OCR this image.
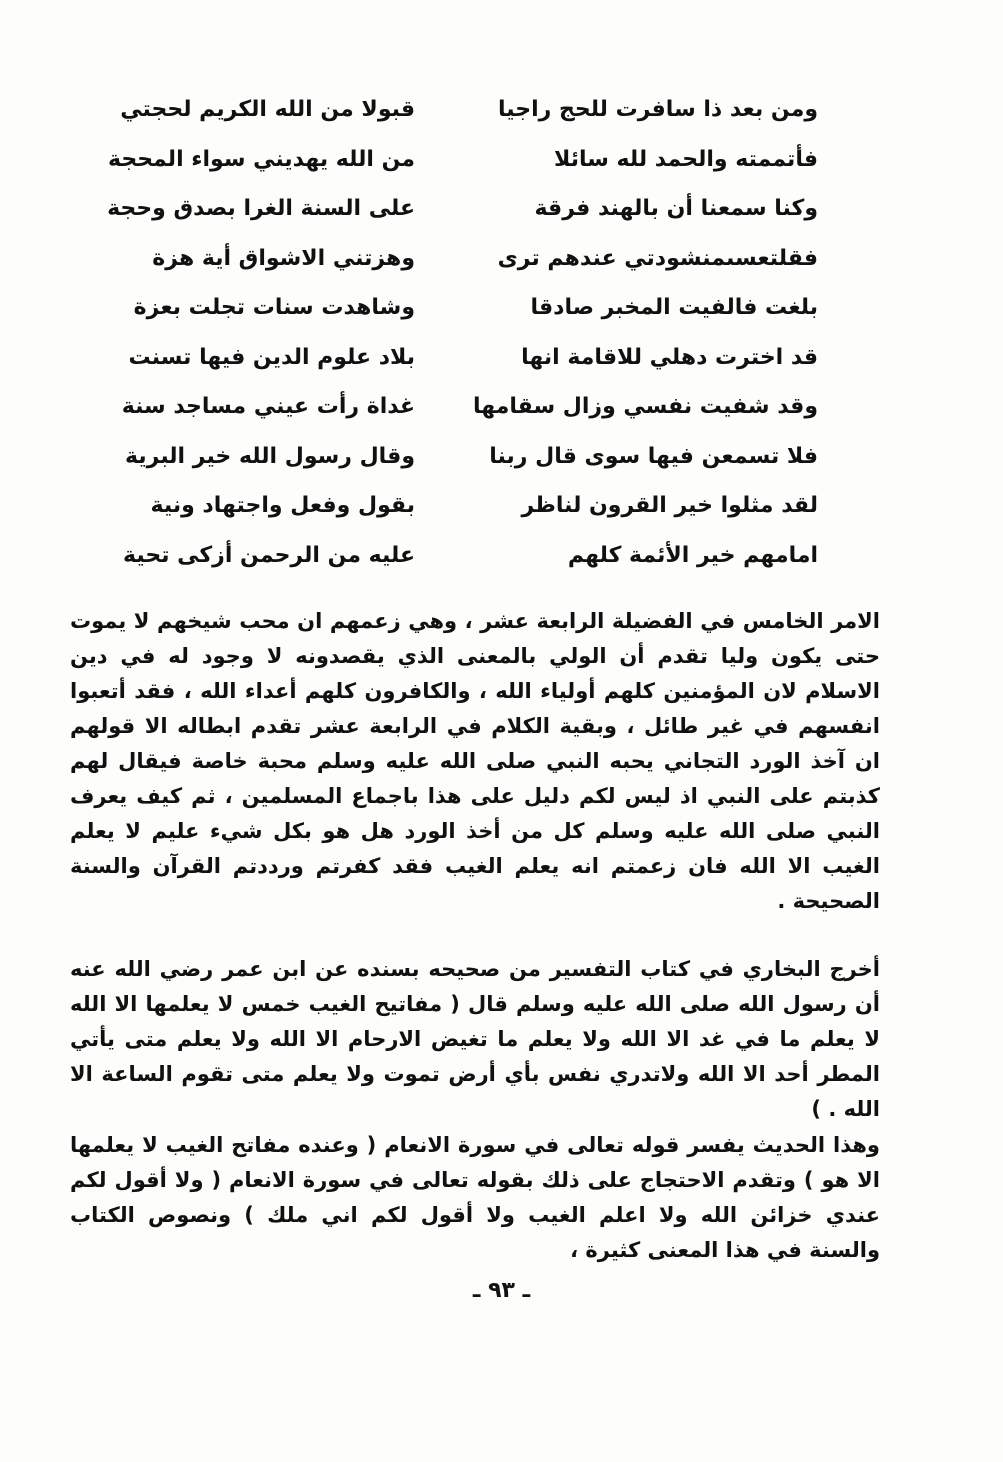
ومن بعد ذا سافرت للحج راجيا
قبولا من الله الكريم لحجتي
فأتممته والحمد لله سائلا
من الله يهديني سواء المحجة
وكنا سمعنا أن بالهند فرقة
على السنة الغرا بصدق وحجة
فقلتعسىمنشودتي عندهم ترى
وهزتني الاشواق أية هزة
بلغت فالفيت المخبر صادقا
وشاهدت سنات تجلت بعزة
قد اخترت دهلي للاقامة انها
بلاد علوم الدين فيها تسنت
وقد شفيت نفسي وزال سقامها
غداة رأت عيني مساجد سنة
فلا تسمعن فيها سوى قال ربنا
وقال رسول الله خير البرية
لقد مثلوا خير القرون لناظر
بقول وفعل واجتهاد ونية
امامهم خير الأئمة كلهم
عليه من الرحمن أزكى تحية

الامر الخامس في الفضيلة الرابعة عشر ، وهي زعمهم ان محب شيخهم لا يموت حتى يكون وليا تقدم أن الولي بالمعنى الذي يقصدونه لا وجود له في دين الاسلام لان المؤمنين كلهم أولياء الله ، والكافرون كلهم أعداء الله ، فقد أتعبوا انفسهم في غير طائل ، وبقية الكلام في الرابعة عشر تقدم ابطاله الا قولهم ان آخذ الورد التجاني يحبه النبي صلى الله عليه وسلم محبة خاصة فيقال لهم كذبتم على النبي اذ ليس لكم دليل على هذا باجماع المسلمين ، ثم كيف يعرف النبي صلى الله عليه وسلم كل من أخذ الورد هل هو بكل شيء عليم لا يعلم الغيب الا الله فان زعمتم انه يعلم الغيب فقد كفرتم ورددتم القرآن والسنة الصحيحة .

أخرج البخاري في كتاب التفسير من صحيحه بسنده عن ابن عمر رضي الله عنه أن رسول الله صلى الله عليه وسلم قال ( مفاتيح الغيب خمس لا يعلمها الا الله لا يعلم ما في غد الا الله ولا يعلم ما تغيض الارحام الا الله ولا يعلم متى يأتي المطر أحد الا الله ولاتدري نفس بأي أرض تموت ولا يعلم متى تقوم الساعة الا الله . )

وهذا الحديث يفسر قوله تعالى في سورة الانعام ( وعنده مفاتح الغيب لا يعلمها الا هو ) وتقدم الاحتجاج على ذلك بقوله تعالى في سورة الانعام ( ولا أقول لكم عندي خزائن الله ولا اعلم الغيب ولا أقول لكم اني ملك ) ونصوص الكتاب والسنة في هذا المعنى كثيرة ،

ـ ٩٣ ـ
